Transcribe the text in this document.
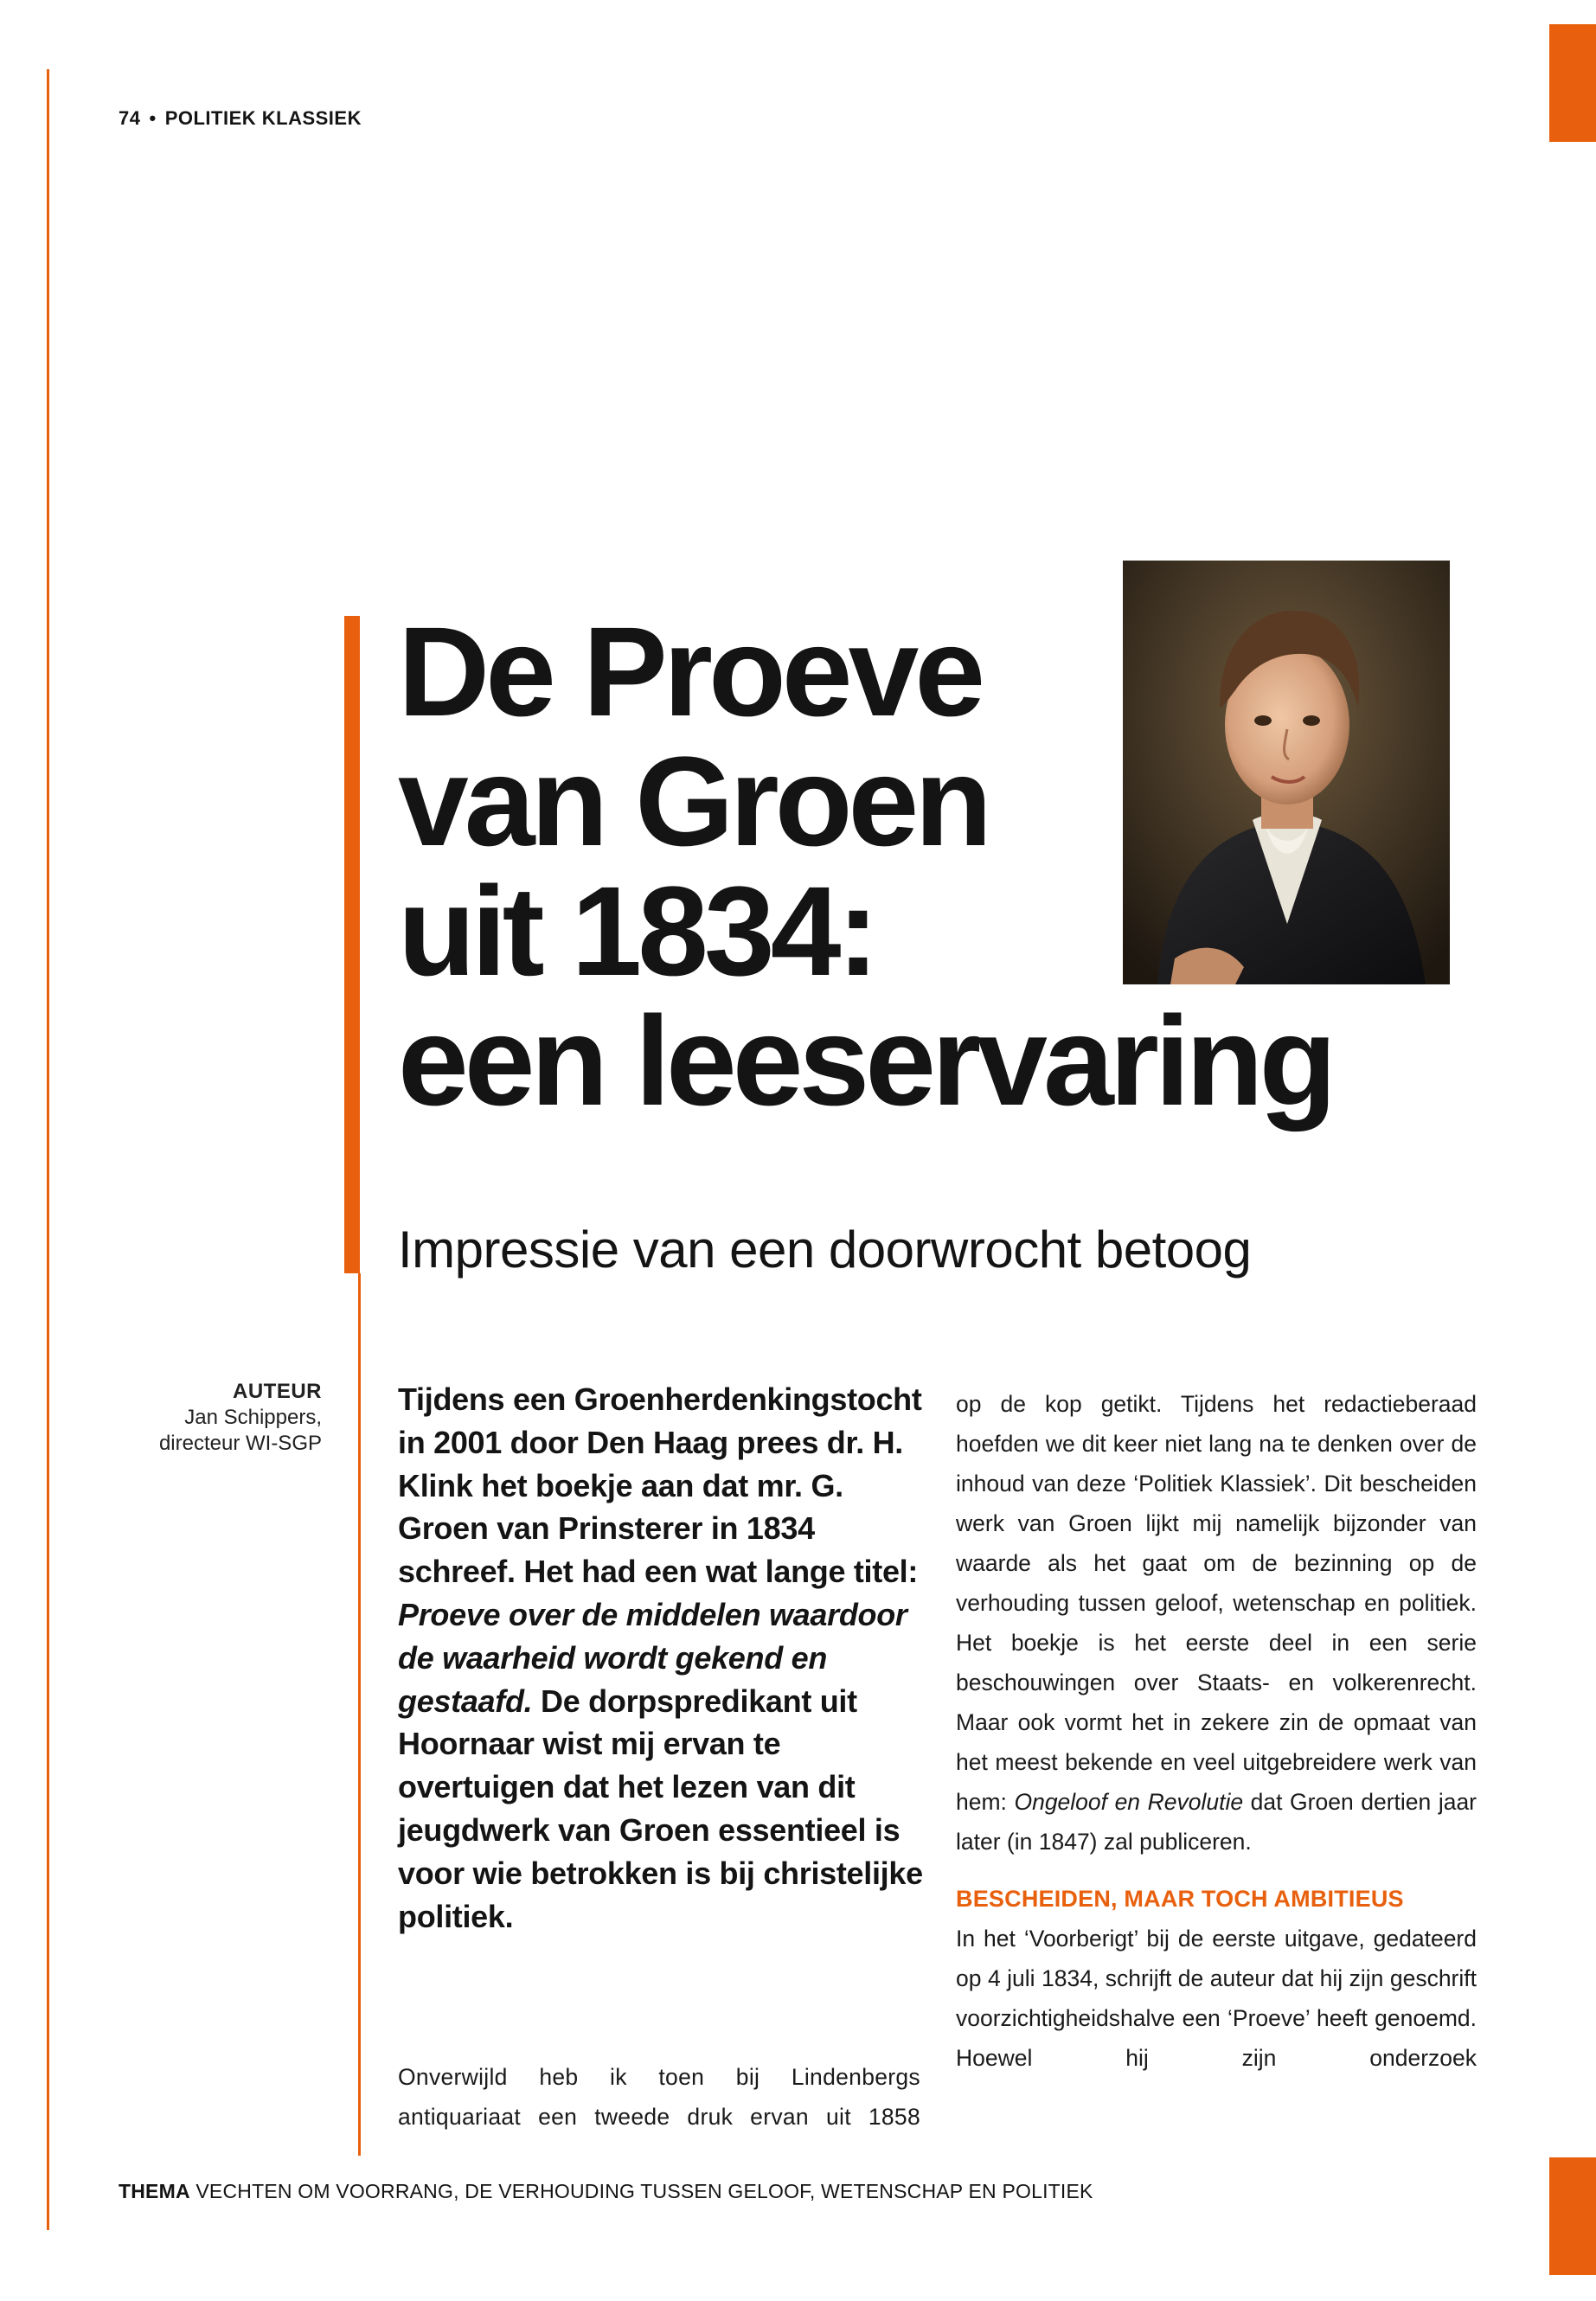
74 • POLITIEK KLASSIEK
De Proeve
van Groen
uit 1834:
een leeservaring
Impressie van een doorwrocht betoog
AUTEUR
Jan Schippers,
directeur WI-SGP

Tijdens een Groenherdenkingstocht in 2001 door Den Haag prees dr. H. Klink het boekje aan dat mr. G. Groen van Prinsterer in 1834 schreef. Het had een wat lange titel: Proeve over de middelen waardoor de waarheid wordt gekend en gestaafd. De dorpspredikant uit Hoornaar wist mij ervan te overtuigen dat het lezen van dit jeugdwerk van Groen essentieel is voor wie betrokken is bij christelijke politiek.

Onverwijld heb ik toen bij Lindenbergs antiquariaat een tweede druk ervan uit 1858

op de kop getikt. Tijdens het redactieberaad hoefden we dit keer niet lang na te denken over de inhoud van deze ‘Politiek Klassiek’. Dit bescheiden werk van Groen lijkt mij namelijk bijzonder van waarde als het gaat om de bezinning op de verhouding tussen geloof, wetenschap en politiek. Het boekje is het eerste deel in een serie beschouwingen over Staats- en volkerenrecht. Maar ook vormt het in zekere zin de opmaat van het meest bekende en veel uitgebreidere werk van hem: Ongeloof en Revolutie dat Groen dertien jaar later (in 1847) zal publiceren.

BESCHEIDEN, MAAR TOCH AMBITIEUS

In het ‘Voorberigt’ bij de eerste uitgave, gedateerd op 4 juli 1834, schrijft de auteur dat hij zijn geschrift voorzichtigheidshalve een ‘Proeve’ heeft genoemd. Hoewel hij zijn onderzoek

THEMA VECHTEN OM VOORRANG, DE VERHOUDING TUSSEN GELOOF, WETENSCHAP EN POLITIEK
